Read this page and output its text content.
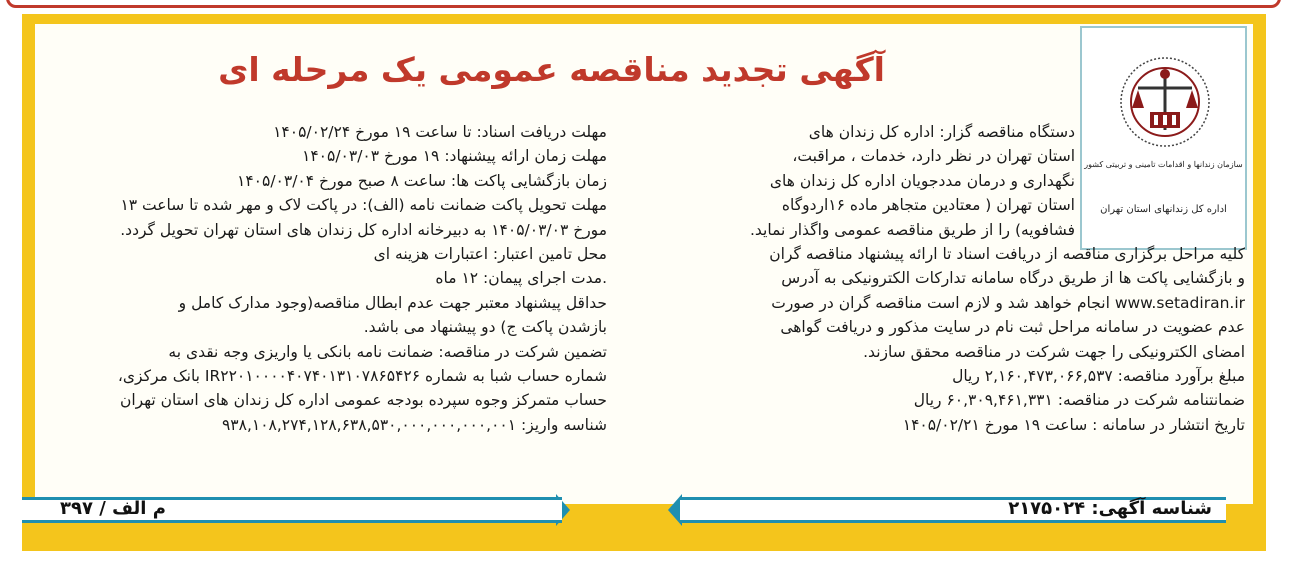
سازمان زندانها و اقدامات تامینی و تربیتی کشور
اداره کل زندانهای استان تهران
آگهی تجدید مناقصه عمومی یک مرحله ای
دستگاه مناقصه گزار: اداره کل زندان های
استان تهران در نظر دارد، خدمات ، مراقبت،
نگهداری و درمان مددجویان اداره کل زندان های
استان تهران ( معتادین متجاهر ماده ۱۶اردوگاه
فشافویه) را از طریق مناقصه عمومی واگذار نماید.
کلیه مراحل برگزاری مناقصه از دریافت اسناد تا ارائه پیشنهاد مناقصه گران
و بازگشایی پاکت ها از طریق درگاه سامانه تدارکات الکترونیکی به آدرس
www.setadiran.ir انجام خواهد شد و لازم است مناقصه گران در صورت
عدم عضویت در سامانه مراحل ثبت نام در سایت مذکور و دریافت گواهی
امضای الکترونیکی را جهت شرکت در مناقصه محقق سازند.
مبلغ برآورد مناقصه: ۲,۱۶۰,۴۷۳,۰۶۶,۵۳۷ ریال
ضمانتنامه شرکت در مناقصه: ۶۰,۳۰۹,۴۶۱,۳۳۱ ریال
تاریخ انتشار در سامانه : ساعت ۱۹ مورخ ۱۴۰۵/۰۲/۲۱
مهلت دریافت اسناد: تا ساعت ۱۹ مورخ ۱۴۰۵/۰۲/۲۴
مهلت زمان ارائه پیشنهاد: ۱۹ مورخ ۱۴۰۵/۰۳/۰۳
زمان بازگشایی پاکت ها: ساعت ۸ صبح مورخ ۱۴۰۵/۰۳/۰۴
مهلت تحویل پاکت ضمانت نامه (الف): در پاکت لاک و مهر شده تا ساعت ۱۳
مورخ ۱۴۰۵/۰۳/۰۳ به دبیرخانه اداره کل زندان های استان تهران تحویل گردد.
محل تامین اعتبار: اعتبارات هزینه ای
.مدت اجرای پیمان: ۱۲ ماه
حداقل پیشنهاد معتبر جهت عدم ابطال مناقصه(وجود مدارک کامل و
بازشدن پاکت ج) دو پیشنهاد می باشد.
تضمین شرکت در مناقصه: ضمانت نامه بانکی یا واریزی وجه نقدی به
شماره حساب شبا به شماره IR۲۲۰۱۰۰۰۰۴۰۷۴۰۱۳۱۰۷۸۶۵۴۲۶ بانک مرکزی،
حساب متمرکز وجوه سپرده بودجه عمومی اداره کل زندان های استان تهران
شناسه واریز: ۹۳۸,۱۰۸,۲۷۴,۱۲۸,۶۳۸,۵۳۰,۰۰۰,۰۰۰,۰۰۰,۰۰۱
شناسه آگهی: ۲۱۷۵۰۲۴
م الف / ۳۹۷
